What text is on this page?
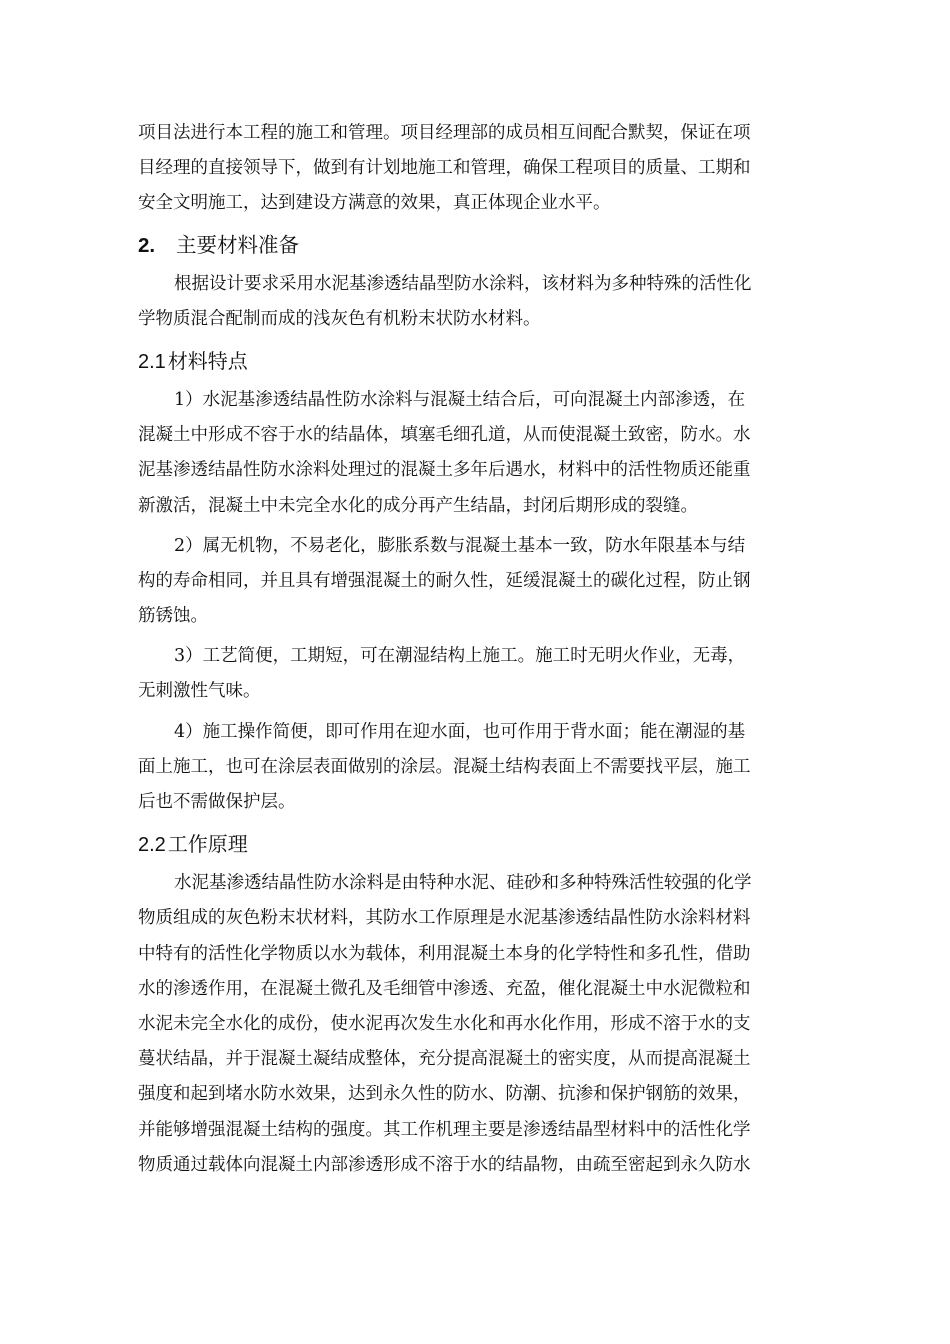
项目法进行本工程的施工和管理。项目经理部的成员相互间配合默契，保证在项
目经理的直接领导下，做到有计划地施工和管理，确保工程项目的质量、工期和
安全文明施工，达到建设方满意的效果，真正体现企业水平。
2. 主要材料准备
根据设计要求采用水泥基渗透结晶型防水涂料，该材料为多种特殊的活性化
学物质混合配制而成的浅灰色有机粉末状防水材料。
2.1 材料特点
1）水泥基渗透结晶性防水涂料与混凝土结合后，可向混凝土内部渗透，在
混凝土中形成不容于水的结晶体，填塞毛细孔道，从而使混凝土致密，防水。水
泥基渗透结晶性防水涂料处理过的混凝土多年后遇水，材料中的活性物质还能重
新激活，混凝土中未完全水化的成分再产生结晶，封闭后期形成的裂缝。
2）属无机物，不易老化，膨胀系数与混凝土基本一致，防水年限基本与结
构的寿命相同，并且具有增强混凝土的耐久性，延缓混凝土的碳化过程，防止钢
筋锈蚀。
3）工艺简便，工期短，可在潮湿结构上施工。施工时无明火作业，无毒，
无刺激性气味。
4）施工操作简便，即可作用在迎水面，也可作用于背水面；能在潮湿的基
面上施工，也可在涂层表面做别的涂层。混凝土结构表面上不需要找平层，施工
后也不需做保护层。
2.2 工作原理
水泥基渗透结晶性防水涂料是由特种水泥、硅砂和多种特殊活性较强的化学
物质组成的灰色粉末状材料，其防水工作原理是水泥基渗透结晶性防水涂料材料
中特有的活性化学物质以水为载体，利用混凝土本身的化学特性和多孔性，借助
水的渗透作用，在混凝土微孔及毛细管中渗透、充盈，催化混凝土中水泥微粒和
水泥未完全水化的成份，使水泥再次发生水化和再水化作用，形成不溶于水的支
蔓状结晶，并于混凝土凝结成整体，充分提高混凝土的密实度，从而提高混凝土
强度和起到堵水防水效果，达到永久性的防水、防潮、抗渗和保护钢筋的效果，
并能够增强混凝土结构的强度。其工作机理主要是渗透结晶型材料中的活性化学
物质通过载体向混凝土内部渗透形成不溶于水的结晶物，由疏至密起到永久防水
